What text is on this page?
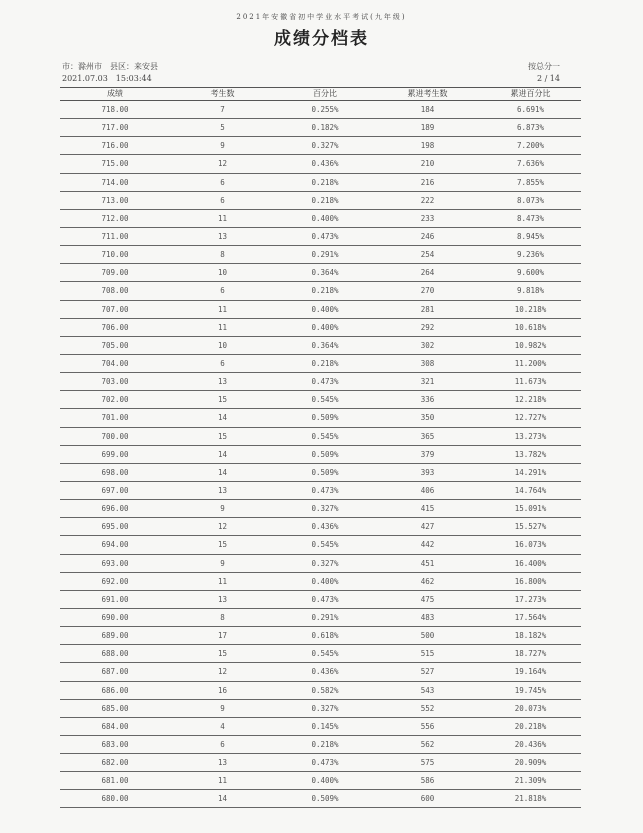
2021年安徽省初中学业水平考试(九年级)
成绩分档表
市：滁州市　县区：来安县
2021.07.03　15:03:44
按总分一
2 / 14
成绩	考生数	百分比	累进考生数	累进百分比
718.00	7	0.255%	184	6.691%
717.00	5	0.182%	189	6.873%
716.00	9	0.327%	198	7.200%
715.00	12	0.436%	210	7.636%
714.00	6	0.218%	216	7.855%
713.00	6	0.218%	222	8.073%
712.00	11	0.400%	233	8.473%
711.00	13	0.473%	246	8.945%
710.00	8	0.291%	254	9.236%
709.00	10	0.364%	264	9.600%
708.00	6	0.218%	270	9.818%
707.00	11	0.400%	281	10.218%
706.00	11	0.400%	292	10.618%
705.00	10	0.364%	302	10.982%
704.00	6	0.218%	308	11.200%
703.00	13	0.473%	321	11.673%
702.00	15	0.545%	336	12.218%
701.00	14	0.509%	350	12.727%
700.00	15	0.545%	365	13.273%
699.00	14	0.509%	379	13.782%
698.00	14	0.509%	393	14.291%
697.00	13	0.473%	406	14.764%
696.00	9	0.327%	415	15.091%
695.00	12	0.436%	427	15.527%
694.00	15	0.545%	442	16.073%
693.00	9	0.327%	451	16.400%
692.00	11	0.400%	462	16.800%
691.00	13	0.473%	475	17.273%
690.00	8	0.291%	483	17.564%
689.00	17	0.618%	500	18.182%
688.00	15	0.545%	515	18.727%
687.00	12	0.436%	527	19.164%
686.00	16	0.582%	543	19.745%
685.00	9	0.327%	552	20.073%
684.00	4	0.145%	556	20.218%
683.00	6	0.218%	562	20.436%
682.00	13	0.473%	575	20.909%
681.00	11	0.400%	586	21.309%
680.00	14	0.509%	600	21.818%
